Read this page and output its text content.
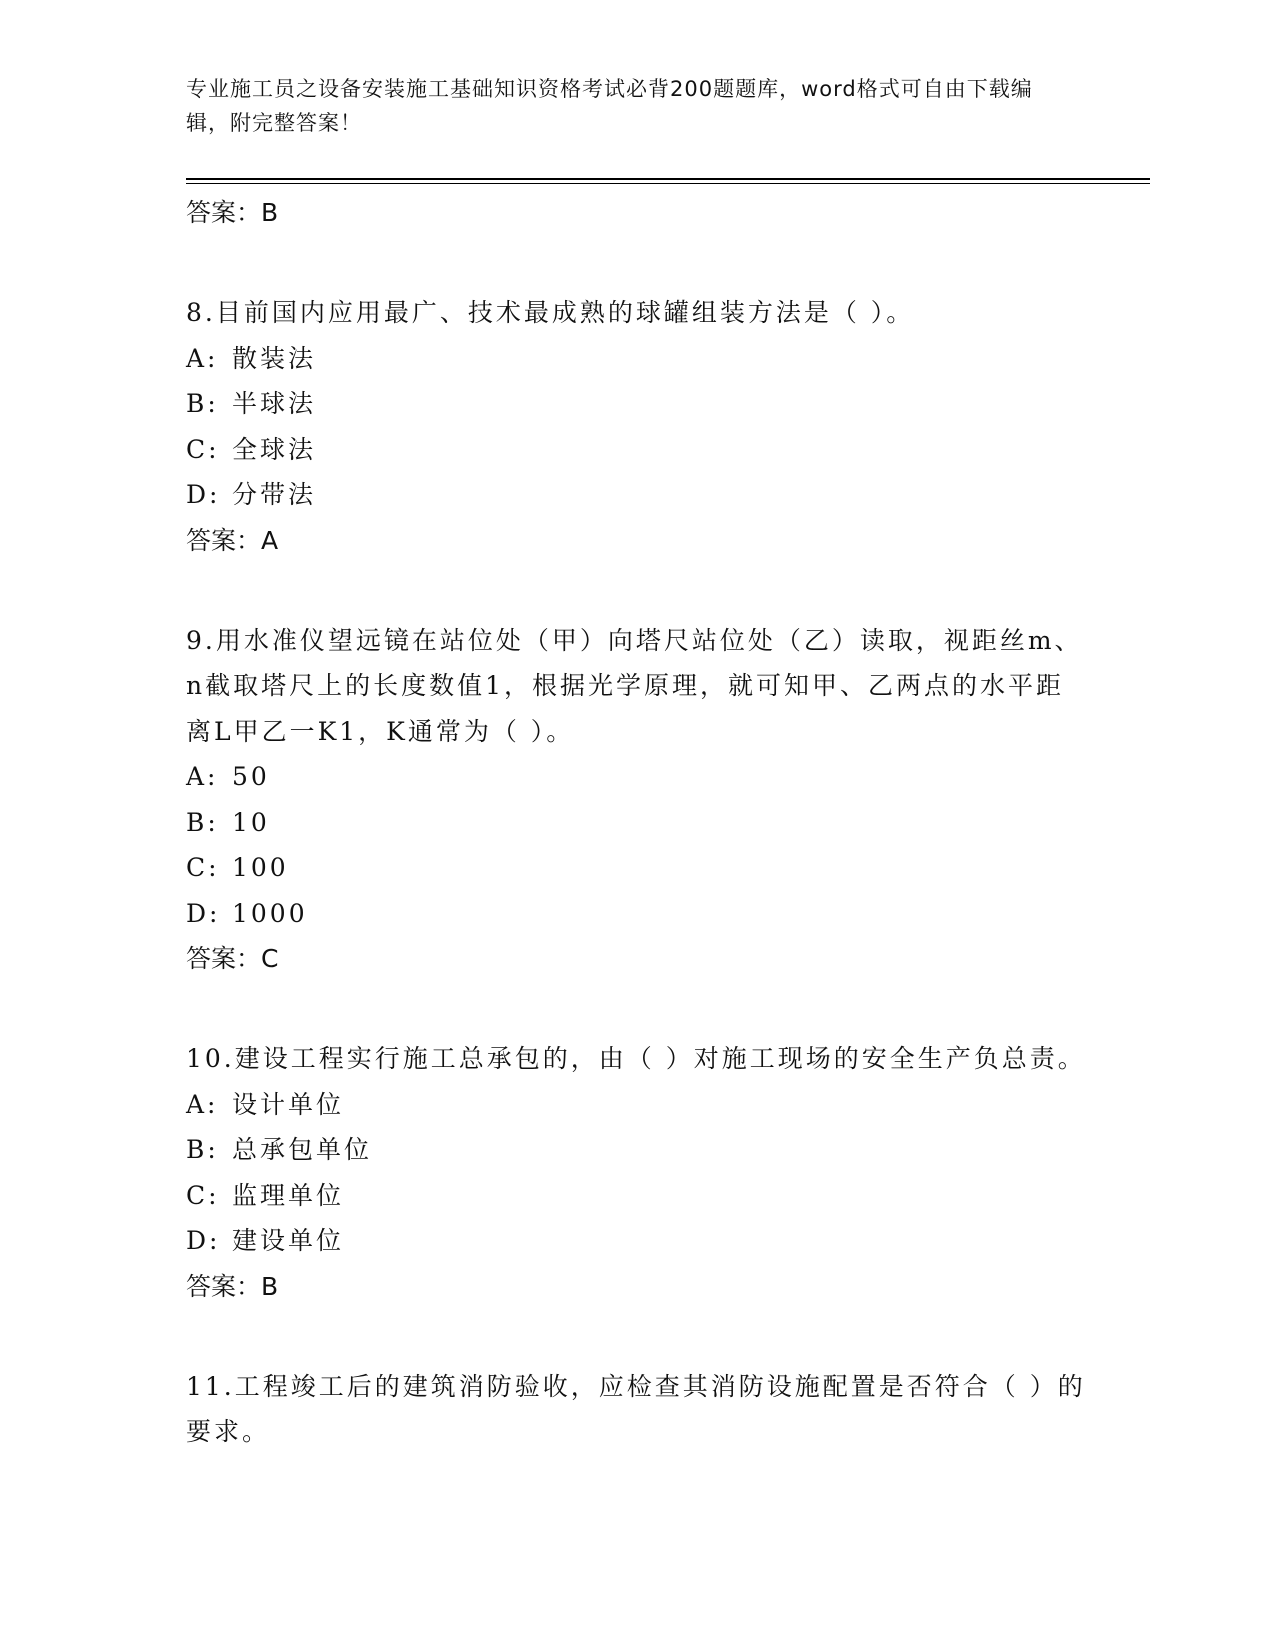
专业施工员之设备安装施工基础知识资格考试必背200题题库，word格式可自由下载编辑，附完整答案！

答案：B

8.目前国内应用最广、技术最成熟的球罐组装方法是（ ）。

A: 散装法

B: 半球法

C: 全球法

D: 分带法

答案：A

9.用水准仪望远镜在站位处（甲）向塔尺站位处（乙）读取，视距丝m、n截取塔尺上的长度数值1，根据光学原理，就可知甲、乙两点的水平距离L甲乙一K1，K通常为（ ）。

A: 50

B: 10

C: 100

D: 1000

答案：C

10.建设工程实行施工总承包的，由（ ）对施工现场的安全生产负总责。

A: 设计单位

B: 总承包单位

C: 监理单位

D: 建设单位

答案：B

11.工程竣工后的建筑消防验收，应检查其消防设施配置是否符合（ ）的要求。
